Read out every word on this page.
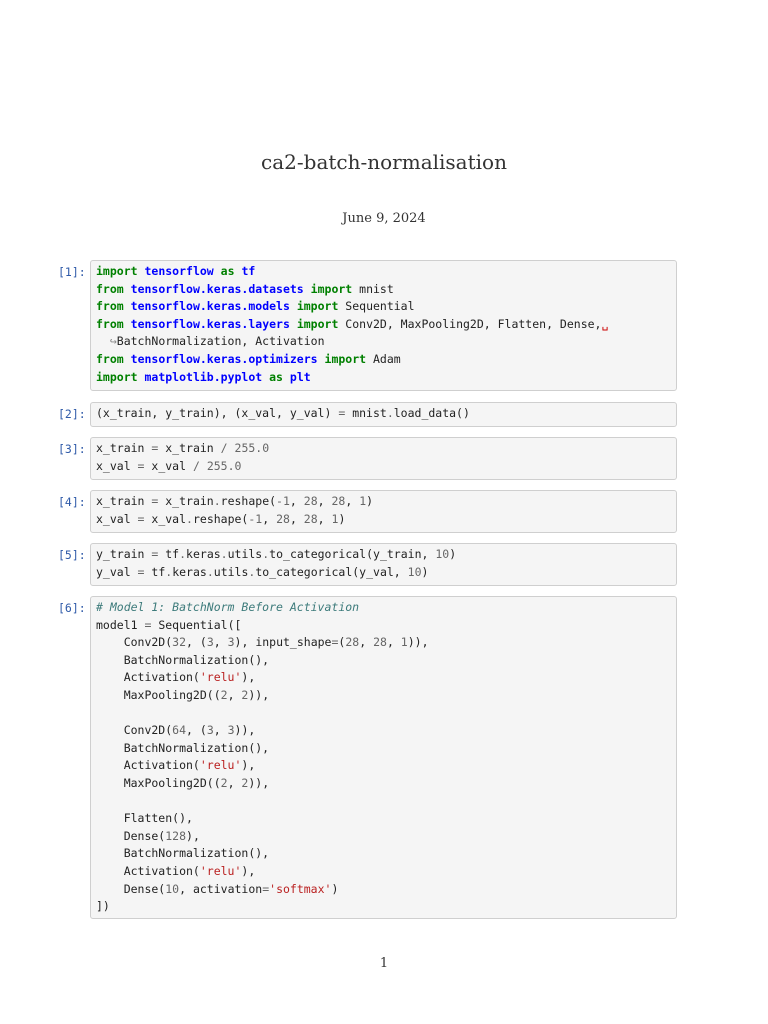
ca2-batch-normalisation
June 9, 2024
[1]: import tensorflow as tf
from tensorflow.keras.datasets import mnist
from tensorflow.keras.models import Sequential
from tensorflow.keras.layers import Conv2D, MaxPooling2D, Flatten, Dense,␣
↪BatchNormalization, Activation
from tensorflow.keras.optimizers import Adam
import matplotlib.pyplot as plt
[2]: (x_train, y_train), (x_val, y_val) = mnist.load_data()
[3]: x_train = x_train / 255.0
x_val = x_val / 255.0
[4]: x_train = x_train.reshape(-1, 28, 28, 1)
x_val = x_val.reshape(-1, 28, 28, 1)
[5]: y_train = tf.keras.utils.to_categorical(y_train, 10)
y_val = tf.keras.utils.to_categorical(y_val, 10)
[6]: # Model 1: BatchNorm Before Activation
model1 = Sequential([
Conv2D(32, (3, 3), input_shape=(28, 28, 1)),
BatchNormalization(),
Activation('relu'),
MaxPooling2D((2, 2)),

Conv2D(64, (3, 3)),
BatchNormalization(),
Activation('relu'),
MaxPooling2D((2, 2)),

Flatten(),
Dense(128),
BatchNormalization(),
Activation('relu'),
Dense(10, activation='softmax')
])
1
